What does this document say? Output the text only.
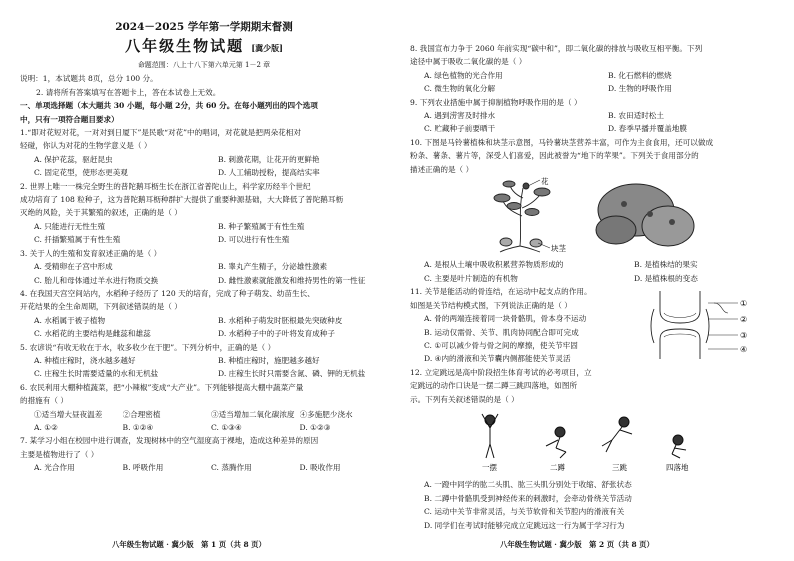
2024－2025 学年第一学期期末督测
八年级生物试题 [冀少版]
命题范围：八上十八下第六单元第 1－2 章
说明：1，本试题共 8页，总分 100 分。
2. 请将所有答案填写在答题卡上，答在本试卷上无效。
一、单项选择题（本大题共 30 小题，每小题 2分，共 60 分。在每小题列出的四个选项
中，只有一项符合题目要求）
1.“即对花短对花，一对对到日厦下”是民歌“对花”中的唱词，对花就是把两朵花相对
轻碰，你认为对花的生物学意义是（ ）
A. 保护花蕊，驱赶昆虫	B. 刺激花期，让花开的更鲜艳
C. 固定花型，使形态更美观	D. 人工辅助授粉，提高结实率
2. 世界上唯一一株完全野生的普陀鹅耳枥生长在浙江省普陀山上，科学家历经半个世纪
成功培育了 108 粒种子，这为普陀鹅耳枥种群扩大提供了重要种源基础，大大降低了普陀鹅耳枥
灭绝的风险，关于其繁殖的叙述，正确的是（ ）
A. 只能进行无性生殖	B. 种子繁殖属于有性生殖
C. 扦插繁殖属于有性生殖	D. 可以进行有性生殖
3. 关于人的生殖和发育叙述正确的是（ ）
A. 受精卵在子宫中形成	B. 睾丸产生精子，分泌雄性激素
C. 胎儿和母体通过羊水进行物质交换	D. 雌性激素就能激发和维持男性的第一性征
4. 在我国天宫空间站内，水稻种子经历了 120 天的培育，完成了种子萌发、幼苗生长、
开花结果的全生命周期，下列叙述错误的是（ ）
A. 水稻属于被子植物	B. 水稻种子萌发时胚根最先突破种皮
C. 水稻花的主要结构是雌蕊和雄蕊	D. 水稻种子中的子叶将发育成种子
5. 农谚说“有收无收在于水，收多收少在于肥”。下列分析中，正确的是（ ）
A. 种植庄稼时，浇水越多越好	B. 种植庄稼时，施肥越多越好
C. 庄稼生长时需要适量的水和无机盐	D. 庄稼生长时只需要含氮、磷、钾的无机盐
6. 农民利用大棚种植蔬菜，把“小辣椒”变成“大产业”。下列能够提高大棚中蔬菜产量
的措施有（ ）
①适当增大昼夜温差	②合理密植	③适当增加二氧化碳浓度 ④多施肥少浇水
A. ①②	B. ①②④	C. ①③④	D. ①②③
7. 某学习小组在校园中进行调查，发现树林中的空气湿度高于裸地，造成这种差异的原因
主要是植物进行了（ ）
A. 光合作用	B. 呼吸作用	C. 蒸腾作用	D. 吸收作用
八年级生物试题 · 冀少版　第 1 页（共 8 页）
8. 我国宣布力争于 2060 年前实现“碳中和”，即二氧化碳的排放与吸收互相平衡。下列
途径中属于吸收二氧化碳的是（ ）
A. 绿色植物的光合作用	B. 化石燃料的燃烧
C. 微生物的氧化分解	D. 生物的呼吸作用
9. 下列农业措施中属于抑制植物呼吸作用的是（ ）
A. 遇到涝害及时排水	B. 农田适时松土
C. 贮藏种子前要晒干	D. 春季早播并覆盖地膜
10. 下图是马铃薯植株和块茎示意图，马铃薯块茎营养丰富，可作为主食食用，还可以做成
粉条、薯条、薯片等，深受人们喜爱，因此被誉为“地下的苹果”。下列关于食用部分的
描述正确的是（ ）
花
块茎
A. 是根从土壤中吸收积累营养物质形成的	B. 是植株结的果实
C. 主要是叶片制造的有机物	D. 是植株根的变态
11. 关节是能活动的骨连结，在运动中起支点的作用。
如图是关节结构模式图，下列说法正确的是（ ）
A. 骨的两端连接着同一块骨骼肌，骨本身不运动
B. 运动仅需骨、关节、肌肉协同配合即可完成
C. ①可以减少骨与骨之间的摩擦，使关节牢固
D. ④内的滑液和关节囊内侧都能使关节灵活
①
②
③
④
12. 立定跳远是高中阶段招生体育考试的必考项目，立
定跳远的动作口诀是一摆二蹲三跳四落地，如图所
示。下列有关叙述错误的是（ ）
一摆	二蹲	三跳	四落地
A. 一蹬中同学的肱二头肌、肱三头肌分别处于收缩、舒张状态
B. 二蹲中骨骼肌受到神经传来的刺激时，会牵动骨绕关节活动
C. 运动中关节非常灵活，与关节软骨和关节腔内的滑液有关
D. 同学们在考试时能够完成立定跳远这一行为属于学习行为
八年级生物试题 · 冀少版　第 2 页（共 8 页）
